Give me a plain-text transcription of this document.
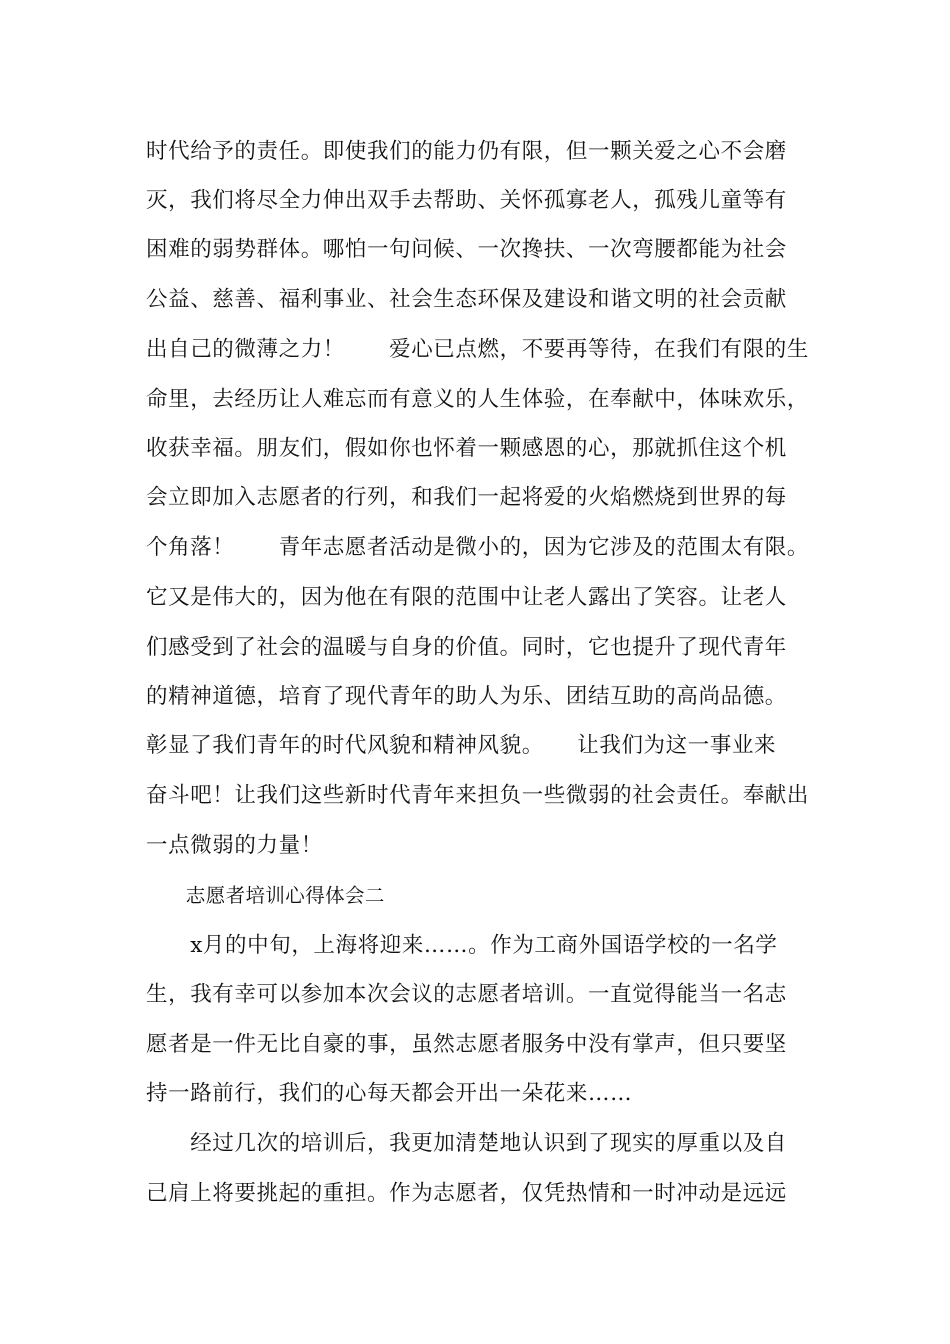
时代给予的责任。即使我们的能力仍有限，但一颗关爱之心不会磨
灭，我们将尽全力伸出双手去帮助、关怀孤寡老人，孤残儿童等有
困难的弱势群体。哪怕一句问候、一次搀扶、一次弯腰都能为社会
公益、慈善、福利事业、社会生态环保及建设和谐文明的社会贡献
出自己的微薄之力！　　爱心已点燃，不要再等待，在我们有限的生
命里，去经历让人难忘而有意义的人生体验，在奉献中，体味欢乐，
收获幸福。朋友们，假如你也怀着一颗感恩的心，那就抓住这个机
会立即加入志愿者的行列，和我们一起将爱的火焰燃烧到世界的每
个角落！　　青年志愿者活动是微小的，因为它涉及的范围太有限。
它又是伟大的，因为他在有限的范围中让老人露出了笑容。让老人
们感受到了社会的温暖与自身的价值。同时，它也提升了现代青年
的精神道德，培育了现代青年的助人为乐、团结互助的高尚品德。
彰显了我们青年的时代风貌和精神风貌。　　让我们为这一事业来
奋斗吧！让我们这些新时代青年来担负一些微弱的社会责任。奉献出
一点微弱的力量！
　　志愿者培训心得体会二
　　x月的中旬，上海将迎来……。作为工商外国语学校的一名学
生，我有幸可以参加本次会议的志愿者培训。一直觉得能当一名志
愿者是一件无比自豪的事，虽然志愿者服务中没有掌声，但只要坚
持一路前行，我们的心每天都会开出一朵花来……
　　经过几次的培训后，我更加清楚地认识到了现实的厚重以及自
己肩上将要挑起的重担。作为志愿者，仅凭热情和一时冲动是远远
